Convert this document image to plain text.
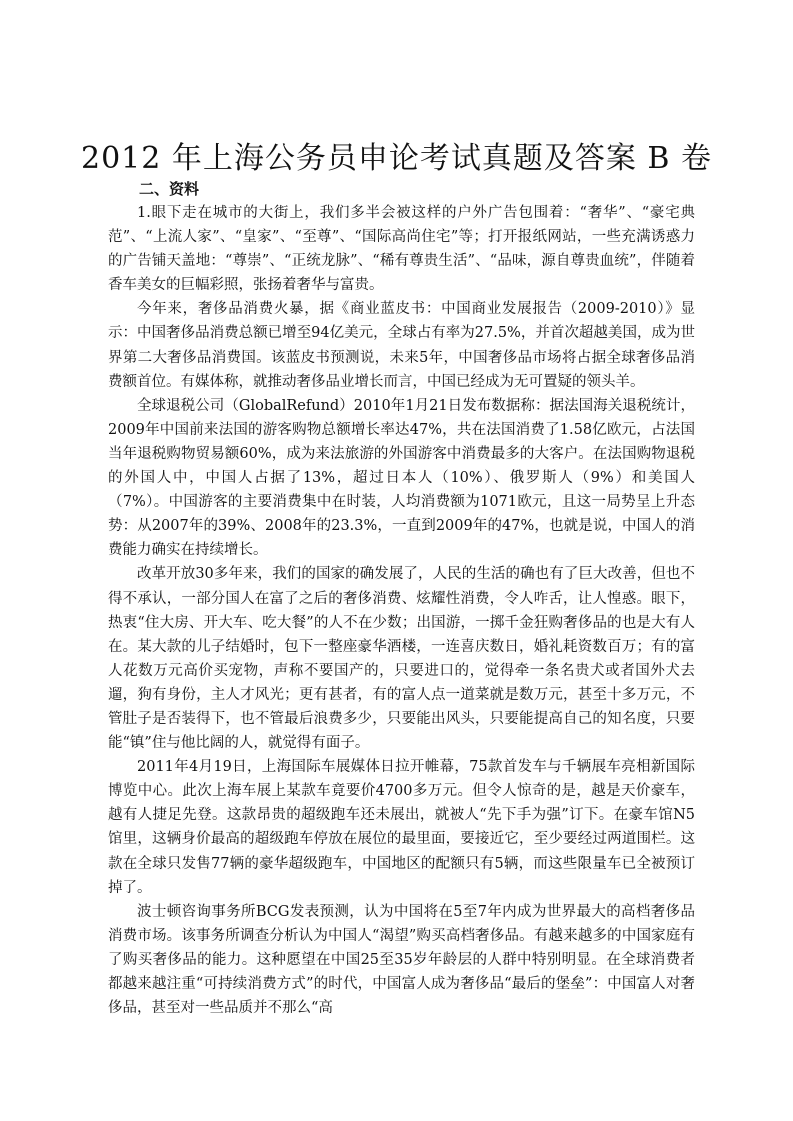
2012 年上海公务员申论考试真题及答案 B 卷
二、资料

1.眼下走在城市的大街上，我们多半会被这样的户外广告包围着：“奢华”、“豪宅典范”、“上流人家”、“皇家”、“至尊”、“国际高尚住宅”等；打开报纸网站，一些充满诱惑力的广告铺天盖地：“尊崇”、“正统龙脉”、“稀有尊贵生活”、“品味，源自尊贵血统”，伴随着香车美女的巨幅彩照，张扬着奢华与富贵。

今年来，奢侈品消费火暴，据《商业蓝皮书：中国商业发展报告（2009-2010）》显示：中国奢侈品消费总额已增至94亿美元，全球占有率为27.5%，并首次超越美国，成为世界第二大奢侈品消费国。该蓝皮书预测说，未来5年，中国奢侈品市场将占据全球奢侈品消费额首位。有媒体称，就推动奢侈品业增长而言，中国已经成为无可置疑的领头羊。

全球退税公司（GlobalRefund）2010年1月21日发布数据称：据法国海关退税统计，2009年中国前来法国的游客购物总额增长率达47%，共在法国消费了1.58亿欧元，占法国当年退税购物贸易额60%，成为来法旅游的外国游客中消费最多的大客户。在法国购物退税的外国人中，中国人占据了13%，超过日本人（10%）、俄罗斯人（9%）和美国人（7%）。中国游客的主要消费集中在时装，人均消费额为1071欧元，且这一局势呈上升态势：从2007年的39%、2008年的23.3%，一直到2009年的47%，也就是说，中国人的消费能力确实在持续增长。

改革开放30多年来，我们的国家的确发展了，人民的生活的确也有了巨大改善，但也不得不承认，一部分国人在富了之后的奢侈消费、炫耀性消费，令人咋舌，让人惶惑。眼下，热衷“住大房、开大车、吃大餐”的人不在少数；出国游，一掷千金狂购奢侈品的也是大有人在。某大款的儿子结婚时，包下一整座豪华酒楼，一连喜庆数日，婚礼耗资数百万；有的富人花数万元高价买宠物，声称不要国产的，只要进口的，觉得牵一条名贵犬或者国外犬去遛，狗有身份，主人才风光；更有甚者，有的富人点一道菜就是数万元，甚至十多万元，不管肚子是否装得下，也不管最后浪费多少，只要能出风头，只要能提高自己的知名度，只要能“镇”住与他比阔的人，就觉得有面子。

2011年4月19日，上海国际车展媒体日拉开帷幕，75款首发车与千辆展车亮相新国际博览中心。此次上海车展上某款车竟要价4700多万元。但令人惊奇的是，越是天价豪车，越有人捷足先登。这款昂贵的超级跑车还未展出，就被人“先下手为强”订下。在豪车馆N5馆里，这辆身价最高的超级跑车停放在展位的最里面，要接近它，至少要经过两道围栏。这款在全球只发售77辆的豪华超级跑车，中国地区的配额只有5辆，而这些限量车已全被预订掉了。

波士顿咨询事务所BCG发表预测，认为中国将在5至7年内成为世界最大的高档奢侈品消费市场。该事务所调查分析认为中国人“渴望”购买高档奢侈品。有越来越多的中国家庭有了购买奢侈品的能力。这种愿望在中国25至35岁年龄层的人群中特别明显。在全球消费者都越来越注重“可持续消费方式”的时代，中国富人成为奢侈品“最后的堡垒”：中国富人对奢侈品，甚至对一些品质并不那么“高
